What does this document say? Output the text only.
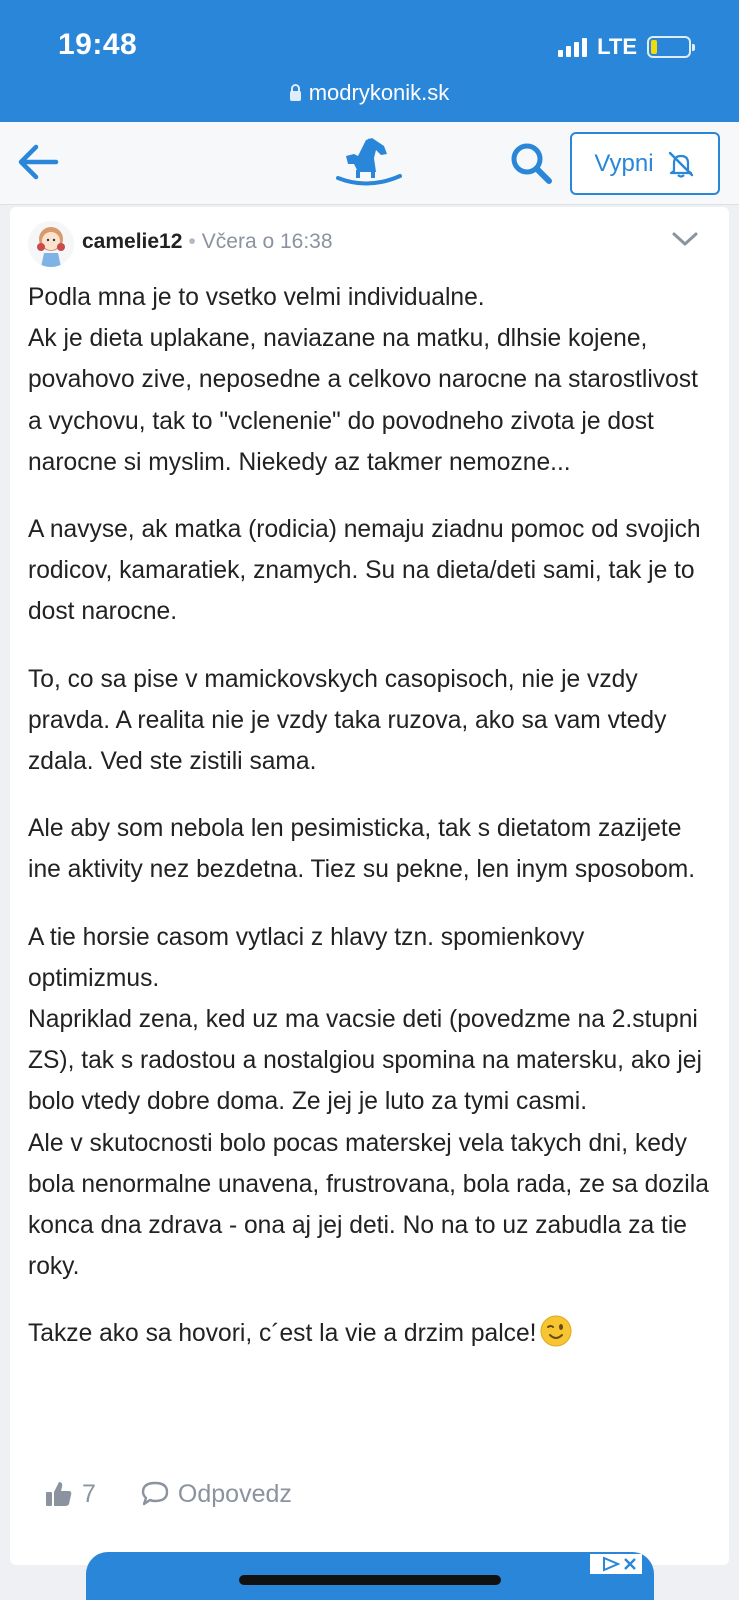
19:48	LTE
modrykonik.sk
Vypni
camelie12 • Včera o 16:38

Podla mna je to vsetko velmi individualne.
Ak je dieta uplakane, naviazane na matku, dlhsie kojene, povahovo zive, neposedne a celkovo narocne na starostlivost a vychovu, tak to "vclenenie" do povodneho zivota je dost narocne si myslim. Niekedy az takmer nemozne...

A navyse, ak matka (rodicia) nemaju ziadnu pomoc od svojich rodicov, kamaratiek, znamych. Su na dieta/deti sami, tak je to dost narocne.

To, co sa pise v mamickovskych casopisoch, nie je vzdy pravda. A realita nie je vzdy taka ruzova, ako sa vam vtedy zdala. Ved ste zistili sama.

Ale aby som nebola len pesimisticka, tak s dietatom zazijete ine aktivity nez bezdetna. Tiez su pekne, len inym sposobom.

A tie horsie casom vytlaci z hlavy tzn. spomienkovy optimizmus.
Napriklad zena, ked uz ma vacsie deti (povedzme na 2.stupni ZS), tak s radostou a nostalgiou spomina na matersku, ako jej bolo vtedy dobre doma. Ze jej je luto za tymi casmi.
Ale v skutocnosti bolo pocas materskej vela takych dni, kedy bola nenormalne unavena, frustrovana, bola rada, ze sa dozila konca dna zdrava - ona aj jej deti. No na to uz zabudla za tie roky.

Takze ako sa hovori, c´est la vie a drzim palce!

7	Odpovedz
